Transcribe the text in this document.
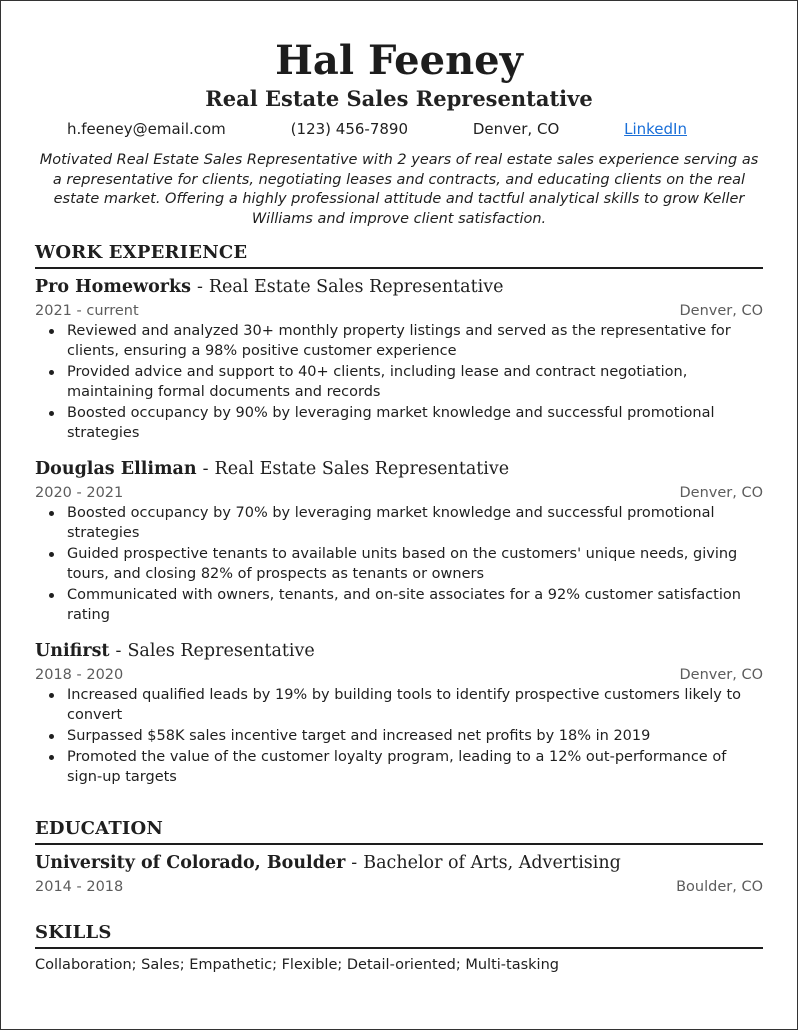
Hal Feeney
Real Estate Sales Representative
h.feeney@email.com	(123) 456-7890	Denver, CO	LinkedIn
Motivated Real Estate Sales Representative with 2 years of real estate sales experience serving as a representative for clients, negotiating leases and contracts, and educating clients on the real estate market. Offering a highly professional attitude and tactful analytical skills to grow Keller Williams and improve client satisfaction.
WORK EXPERIENCE
Pro Homeworks - Real Estate Sales Representative
2021 - current	Denver, CO
Reviewed and analyzed 30+ monthly property listings and served as the representative for clients, ensuring a 98% positive customer experience
Provided advice and support to 40+ clients, including lease and contract negotiation, maintaining formal documents and records
Boosted occupancy by 90% by leveraging market knowledge and successful promotional strategies
Douglas Elliman - Real Estate Sales Representative
2020 - 2021	Denver, CO
Boosted occupancy by 70% by leveraging market knowledge and successful promotional strategies
Guided prospective tenants to available units based on the customers' unique needs, giving tours, and closing 82% of prospects as tenants or owners
Communicated with owners, tenants, and on-site associates for a 92% customer satisfaction rating
Unifirst - Sales Representative
2018 - 2020	Denver, CO
Increased qualified leads by 19% by building tools to identify prospective customers likely to convert
Surpassed $58K sales incentive target and increased net profits by 18% in 2019
Promoted the value of the customer loyalty program, leading to a 12% out-performance of sign-up targets
EDUCATION
University of Colorado, Boulder - Bachelor of Arts, Advertising
2014 - 2018	Boulder, CO
SKILLS
Collaboration; Sales; Empathetic; Flexible; Detail-oriented; Multi-tasking
